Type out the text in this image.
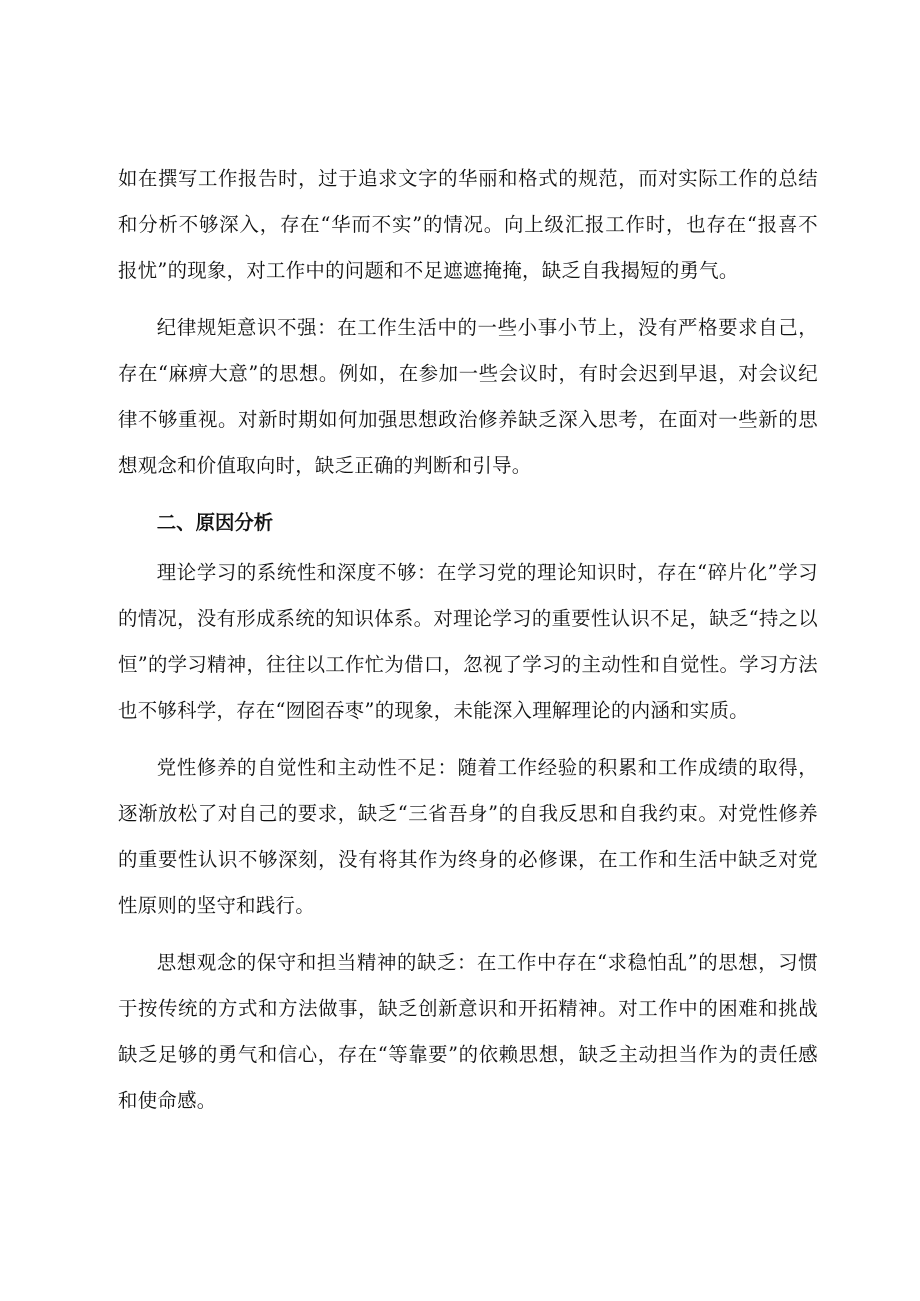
如在撰写工作报告时，过于追求文字的华丽和格式的规范，而对实际工作的总结和分析不够深入，存在“华而不实”的情况。向上级汇报工作时，也存在“报喜不报忧”的现象，对工作中的问题和不足遮遮掩掩，缺乏自我揭短的勇气。

纪律规矩意识不强：在工作生活中的一些小事小节上，没有严格要求自己，存在“麻痹大意”的思想。例如，在参加一些会议时，有时会迟到早退，对会议纪律不够重视。对新时期如何加强思想政治修养缺乏深入思考，在面对一些新的思想观念和价值取向时，缺乏正确的判断和引导。

二、原因分析

理论学习的系统性和深度不够：在学习党的理论知识时，存在“碎片化”学习的情况，没有形成系统的知识体系。对理论学习的重要性认识不足，缺乏“持之以恒”的学习精神，往往以工作忙为借口，忽视了学习的主动性和自觉性。学习方法也不够科学，存在“囫囵吞枣”的现象，未能深入理解理论的内涵和实质。

党性修养的自觉性和主动性不足：随着工作经验的积累和工作成绩的取得，逐渐放松了对自己的要求，缺乏“三省吾身”的自我反思和自我约束。对党性修养的重要性认识不够深刻，没有将其作为终身的必修课，在工作和生活中缺乏对党性原则的坚守和践行。

思想观念的保守和担当精神的缺乏：在工作中存在“求稳怕乱”的思想，习惯于按传统的方式和方法做事，缺乏创新意识和开拓精神。对工作中的困难和挑战缺乏足够的勇气和信心，存在“等靠要”的依赖思想，缺乏主动担当作为的责任感和使命感。
